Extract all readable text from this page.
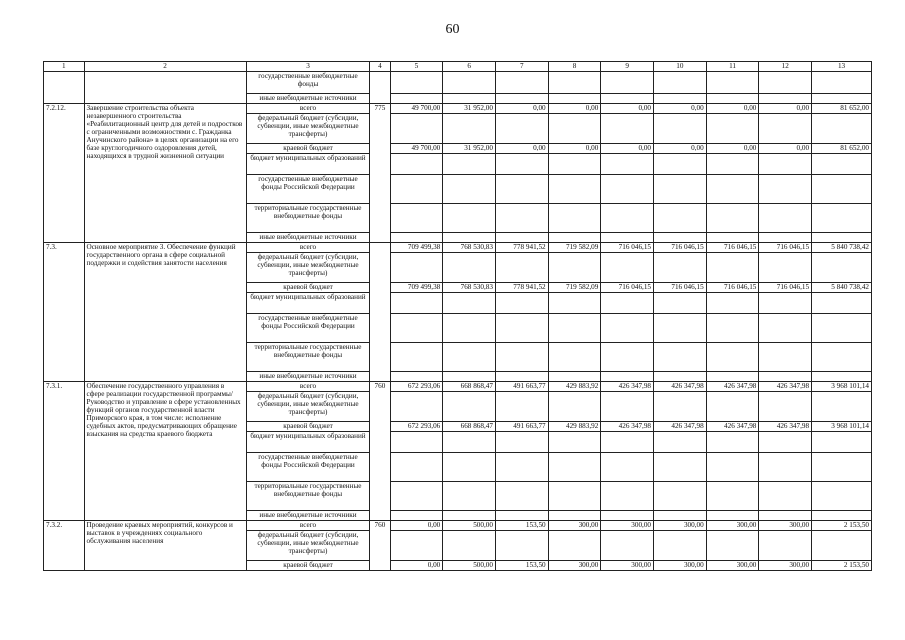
60
1	2	3	4	5	6	7	8	9	10	11	12	13
		государственные внебюджетные фонды										
		иные внебюджетные источники										
7.2.12.	Завершение строительства объекта незавершенного строительства «Реабилитационный центр для детей и подростков с ограниченными возможностями с. Гражданка Анучинского района» в целях организации на его базе круглогодичного оздоровления детей, находящихся в трудной жизненной ситуации	всего	775	49 700,00	31 952,00	0,00	0,00	0,00	0,00	0,00	0,00	81 652,00
		федеральный бюджет (субсидии, субвенции, иные межбюджетные трансферты)										
		краевой бюджет		49 700,00	31 952,00	0,00	0,00	0,00	0,00	0,00	0,00	81 652,00
		бюджет муниципальных образований										
		государственные внебюджетные фонды Российской Федерации										
		территориальные государственные внебюджетные фонды										
		иные внебюджетные источники										
7.3.	Основное мероприятие 3. Обеспечение функций государственного органа в сфере социальной поддержки и содействия занятости населения	всего		709 499,38	768 530,83	778 941,52	719 582,09	716 046,15	716 046,15	716 046,15	716 046,15	5 840 738,42
		федеральный бюджет (субсидии, субвенции, иные межбюджетные трансферты)										
		краевой бюджет		709 499,38	768 530,83	778 941,52	719 582,09	716 046,15	716 046,15	716 046,15	716 046,15	5 840 738,42
		бюджет муниципальных образований										
		государственные внебюджетные фонды Российской Федерации										
		территориальные государственные внебюджетные фонды										
		иные внебюджетные источники										
7.3.1.	Обеспечение государственного управления в сфере реализации государственной программы/ Руководство и управление в сфере установленных функций органов государственной власти Приморского края, в том числе: исполнение судебных актов, предусматривающих обращение взыскания на средства краевого бюджета	всего	760	672 293,06	668 868,47	491 663,77	429 883,92	426 347,98	426 347,98	426 347,98	426 347,98	3 968 101,14
		федеральный бюджет (субсидии, субвенции, иные межбюджетные трансферты)										
		краевой бюджет		672 293,06	668 868,47	491 663,77	429 883,92	426 347,98	426 347,98	426 347,98	426 347,98	3 968 101,14
		бюджет муниципальных образований										
		государственные внебюджетные фонды Российской Федерации										
		территориальные государственные внебюджетные фонды										
		иные внебюджетные источники										
7.3.2.	Проведение краевых мероприятий, конкурсов и выставок в учреждениях социального обслуживания населения	всего	760	0,00	500,00	153,50	300,00	300,00	300,00	300,00	300,00	2 153,50
		федеральный бюджет (субсидии, субвенции, иные межбюджетные трансферты)										
		краевой бюджет		0,00	500,00	153,50	300,00	300,00	300,00	300,00	300,00	2 153,50
